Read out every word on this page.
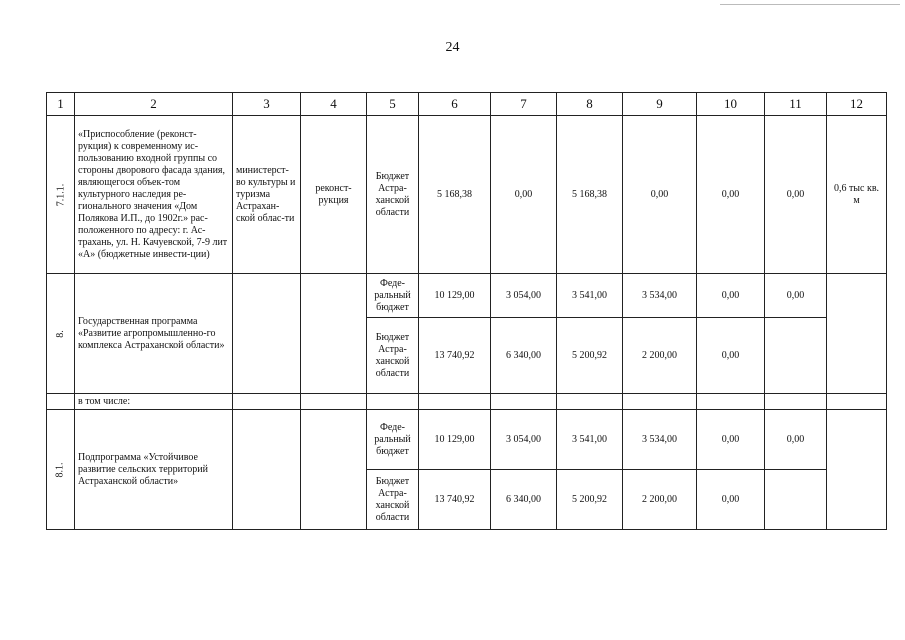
24
1	2	3	4	5	6	7	8	9	10	11	12
7.1.1.	«Приспособление (реконст-рукция) к современному ис-пользованию входной группы со стороны дворового фасада здания, являющегося объек-том культурного наследия ре-гионального значения «Дом Полякова И.П., до 1902г.» рас-положенного по адресу: г. Ас-трахань, ул. Н. Качуевской, 7-9 лит «А» (бюджетные инвести-ции)	министерст-во культуры и туризма Астрахан-ской облас-ти	реконст-рукция	Бюджет Астра-ханской области	5 168,38	0,00	5 168,38	0,00	0,00	0,00	0,6 тыс кв. м
8.	Государственная программа «Развитие агропромышленно-го комплекса Астраханской области»			Феде-ральный бюджет	10 129,00	3 054,00	3 541,00	3 534,00	0,00	0,00	
				Бюджет Астра-ханской области	13 740,92	6 340,00	5 200,92	2 200,00	0,00		
	в том числе:										
8.1.	Подпрограмма «Устойчивое развитие сельских территорий Астраханской области»			Феде-ральный бюджет	10 129,00	3 054,00	3 541,00	3 534,00	0,00	0,00	
				Бюджет Астра-ханской области	13 740,92	6 340,00	5 200,92	2 200,00	0,00		
